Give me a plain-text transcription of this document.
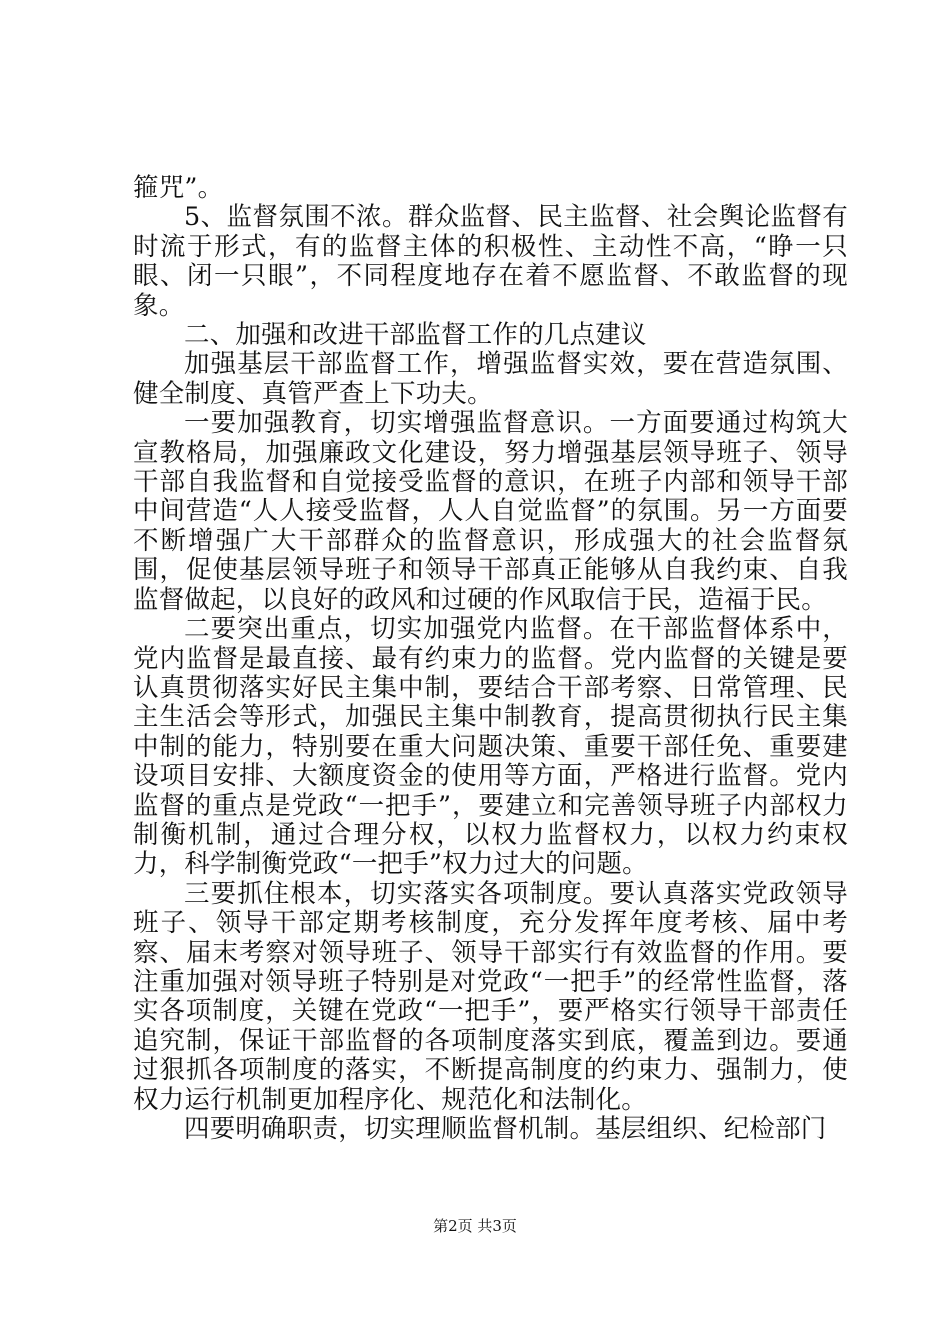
箍咒”。

5、监督氛围不浓。群众监督、民主监督、社会舆论监督有时流于形式，有的监督主体的积极性、主动性不高，“睁一只眼、闭一只眼”，不同程度地存在着不愿监督、不敢监督的现象。

二、加强和改进干部监督工作的几点建议

加强基层干部监督工作，增强监督实效，要在营造氛围、健全制度、真管严查上下功夫。

一要加强教育，切实增强监督意识。一方面要通过构筑大宣教格局，加强廉政文化建设，努力增强基层领导班子、领导干部自我监督和自觉接受监督的意识，在班子内部和领导干部中间营造“人人接受监督，人人自觉监督”的氛围。另一方面要不断增强广大干部群众的监督意识，形成强大的社会监督氛围，促使基层领导班子和领导干部真正能够从自我约束、自我监督做起，以良好的政风和过硬的作风取信于民，造福于民。

二要突出重点，切实加强党内监督。在干部监督体系中，党内监督是最直接、最有约束力的监督。党内监督的关键是要认真贯彻落实好民主集中制，要结合干部考察、日常管理、民主生活会等形式，加强民主集中制教育，提高贯彻执行民主集中制的能力，特别要在重大问题决策、重要干部任免、重要建设项目安排、大额度资金的使用等方面，严格进行监督。党内监督的重点是党政“一把手”，要建立和完善领导班子内部权力制衡机制，通过合理分权，以权力监督权力，以权力约束权力，科学制衡党政“一把手”权力过大的问题。

三要抓住根本，切实落实各项制度。要认真落实党政领导班子、领导干部定期考核制度，充分发挥年度考核、届中考察、届末考察对领导班子、领导干部实行有效监督的作用。要注重加强对领导班子特别是对党政“一把手”的经常性监督，落实各项制度，关键在党政“一把手”，要严格实行领导干部责任追究制，保证干部监督的各项制度落实到底，覆盖到边。要通过狠抓各项制度的落实，不断提高制度的约束力、强制力，使权力运行机制更加程序化、规范化和法制化。

四要明确职责，切实理顺监督机制。基层组织、纪检部门

第2页 共3页
